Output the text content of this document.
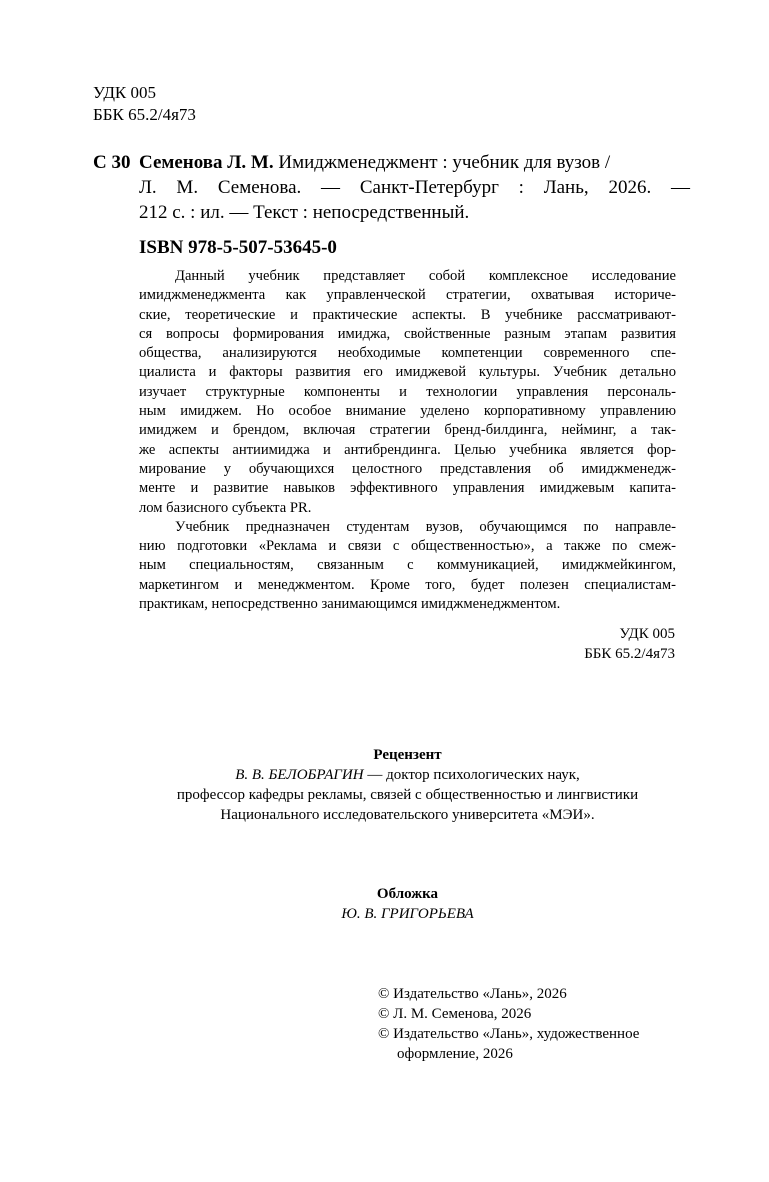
УДК 005
ББК 65.2/4я73
С 30 Семенова Л. М. Имиджменеджмент : учебник для вузов /
Л. М. Семенова. — Санкт-Петербург : Лань, 2026. —
212 с. : ил. — Текст : непосредственный.
ISBN 978-5-507-53645-0
Данный учебник представляет собой комплексное исследование
имиджменеджмента как управленческой стратегии, охватывая историче-
ские, теоретические и практические аспекты. В учебнике рассматривают-
ся вопросы формирования имиджа, свойственные разным этапам развития
общества, анализируются необходимые компетенции современного спе-
циалиста и факторы развития его имиджевой культуры. Учебник детально
изучает структурные компоненты и технологии управления персональ-
ным имиджем. Но особое внимание уделено корпоративному управлению
имиджем и брендом, включая стратегии бренд-билдинга, нейминг, а так-
же аспекты антиимиджа и антибрендинга. Целью учебника является фор-
мирование у обучающихся целостного представления об имиджменедж-
менте и развитие навыков эффективного управления имиджевым капита-
лом базисного субъекта PR.
Учебник предназначен студентам вузов, обучающимся по направле-
нию подготовки «Реклама и связи с общественностью», а также по смеж-
ным специальностям, связанным с коммуникацией, имиджмейкингом,
маркетингом и менеджментом. Кроме того, будет полезен специалистам-
практикам, непосредственно занимающимся имиджменеджментом.
УДК 005
ББК 65.2/4я73
Рецензент
В. В. БЕЛОБРАГИН — доктор психологических наук,
профессор кафедры рекламы, связей с общественностью и лингвистики
Национального исследовательского университета «МЭИ».
Обложка
Ю. В. ГРИГОРЬЕВА
© Издательство «Лань», 2026
© Л. М. Семенова, 2026
© Издательство «Лань», художественное
оформление, 2026
